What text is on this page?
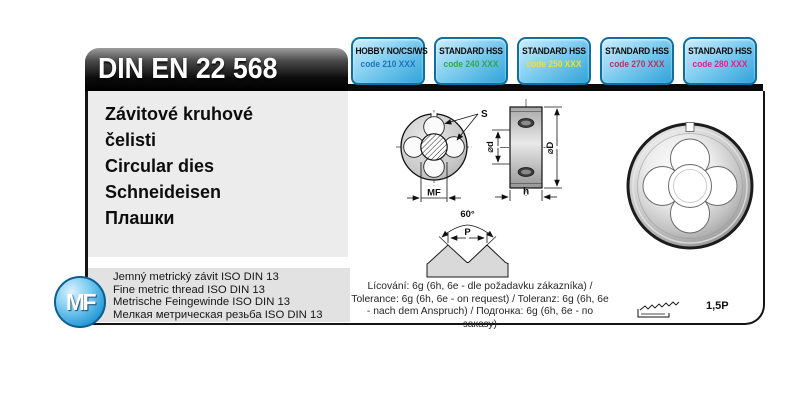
DIN EN 22 568
HOBBY NO/CS/WS
code 210 XXX
STANDARD HSS
code 240 XXX
STANDARD HSS
code 250 XXX
STANDARD HSS
code 270 XXX
STANDARD HSS
code 280 XXX
Závitové kruhové
čelisti
Circular dies
Schneideisen
Плашки
S
⌀d
MF
⌀D
h
P
60°
Jemný metrický závit ISO DIN 13
Fine metric thread ISO DIN 13
Metrische Feingewinde ISO DIN 13
Мелкая метрическая резьба ISO DIN 13
Lícování: 6g (6h, 6e - dle požadavku zákazníka) / Tolerance: 6g (6h, 6e - on request) / Toleranz: 6g (6h, 6e - nach dem Anspruch) / Подгонка: 6g (6h, 6e - по заказу)
1,5P
MF
